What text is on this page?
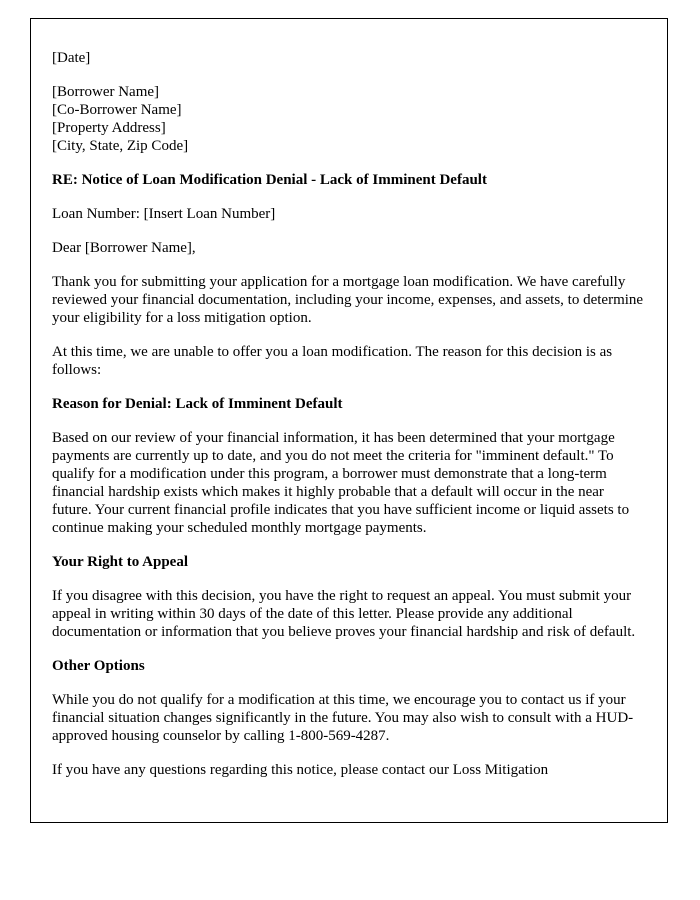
[Date]

[Borrower Name]
[Co-Borrower Name]
[Property Address]
[City, State, Zip Code]

RE: Notice of Loan Modification Denial - Lack of Imminent Default

Loan Number: [Insert Loan Number]

Dear [Borrower Name],

Thank you for submitting your application for a mortgage loan modification. We have carefully reviewed your financial documentation, including your income, expenses, and assets, to determine your eligibility for a loss mitigation option.

At this time, we are unable to offer you a loan modification. The reason for this decision is as follows:

Reason for Denial: Lack of Imminent Default

Based on our review of your financial information, it has been determined that your mortgage payments are currently up to date, and you do not meet the criteria for "imminent default." To qualify for a modification under this program, a borrower must demonstrate that a long-term financial hardship exists which makes it highly probable that a default will occur in the near future. Your current financial profile indicates that you have sufficient income or liquid assets to continue making your scheduled monthly mortgage payments.

Your Right to Appeal

If you disagree with this decision, you have the right to request an appeal. You must submit your appeal in writing within 30 days of the date of this letter. Please provide any additional documentation or information that you believe proves your financial hardship and risk of default.

Other Options

While you do not qualify for a modification at this time, we encourage you to contact us if your financial situation changes significantly in the future. You may also wish to consult with a HUD-approved housing counselor by calling 1-800-569-4287.

If you have any questions regarding this notice, please contact our Loss Mitigation
